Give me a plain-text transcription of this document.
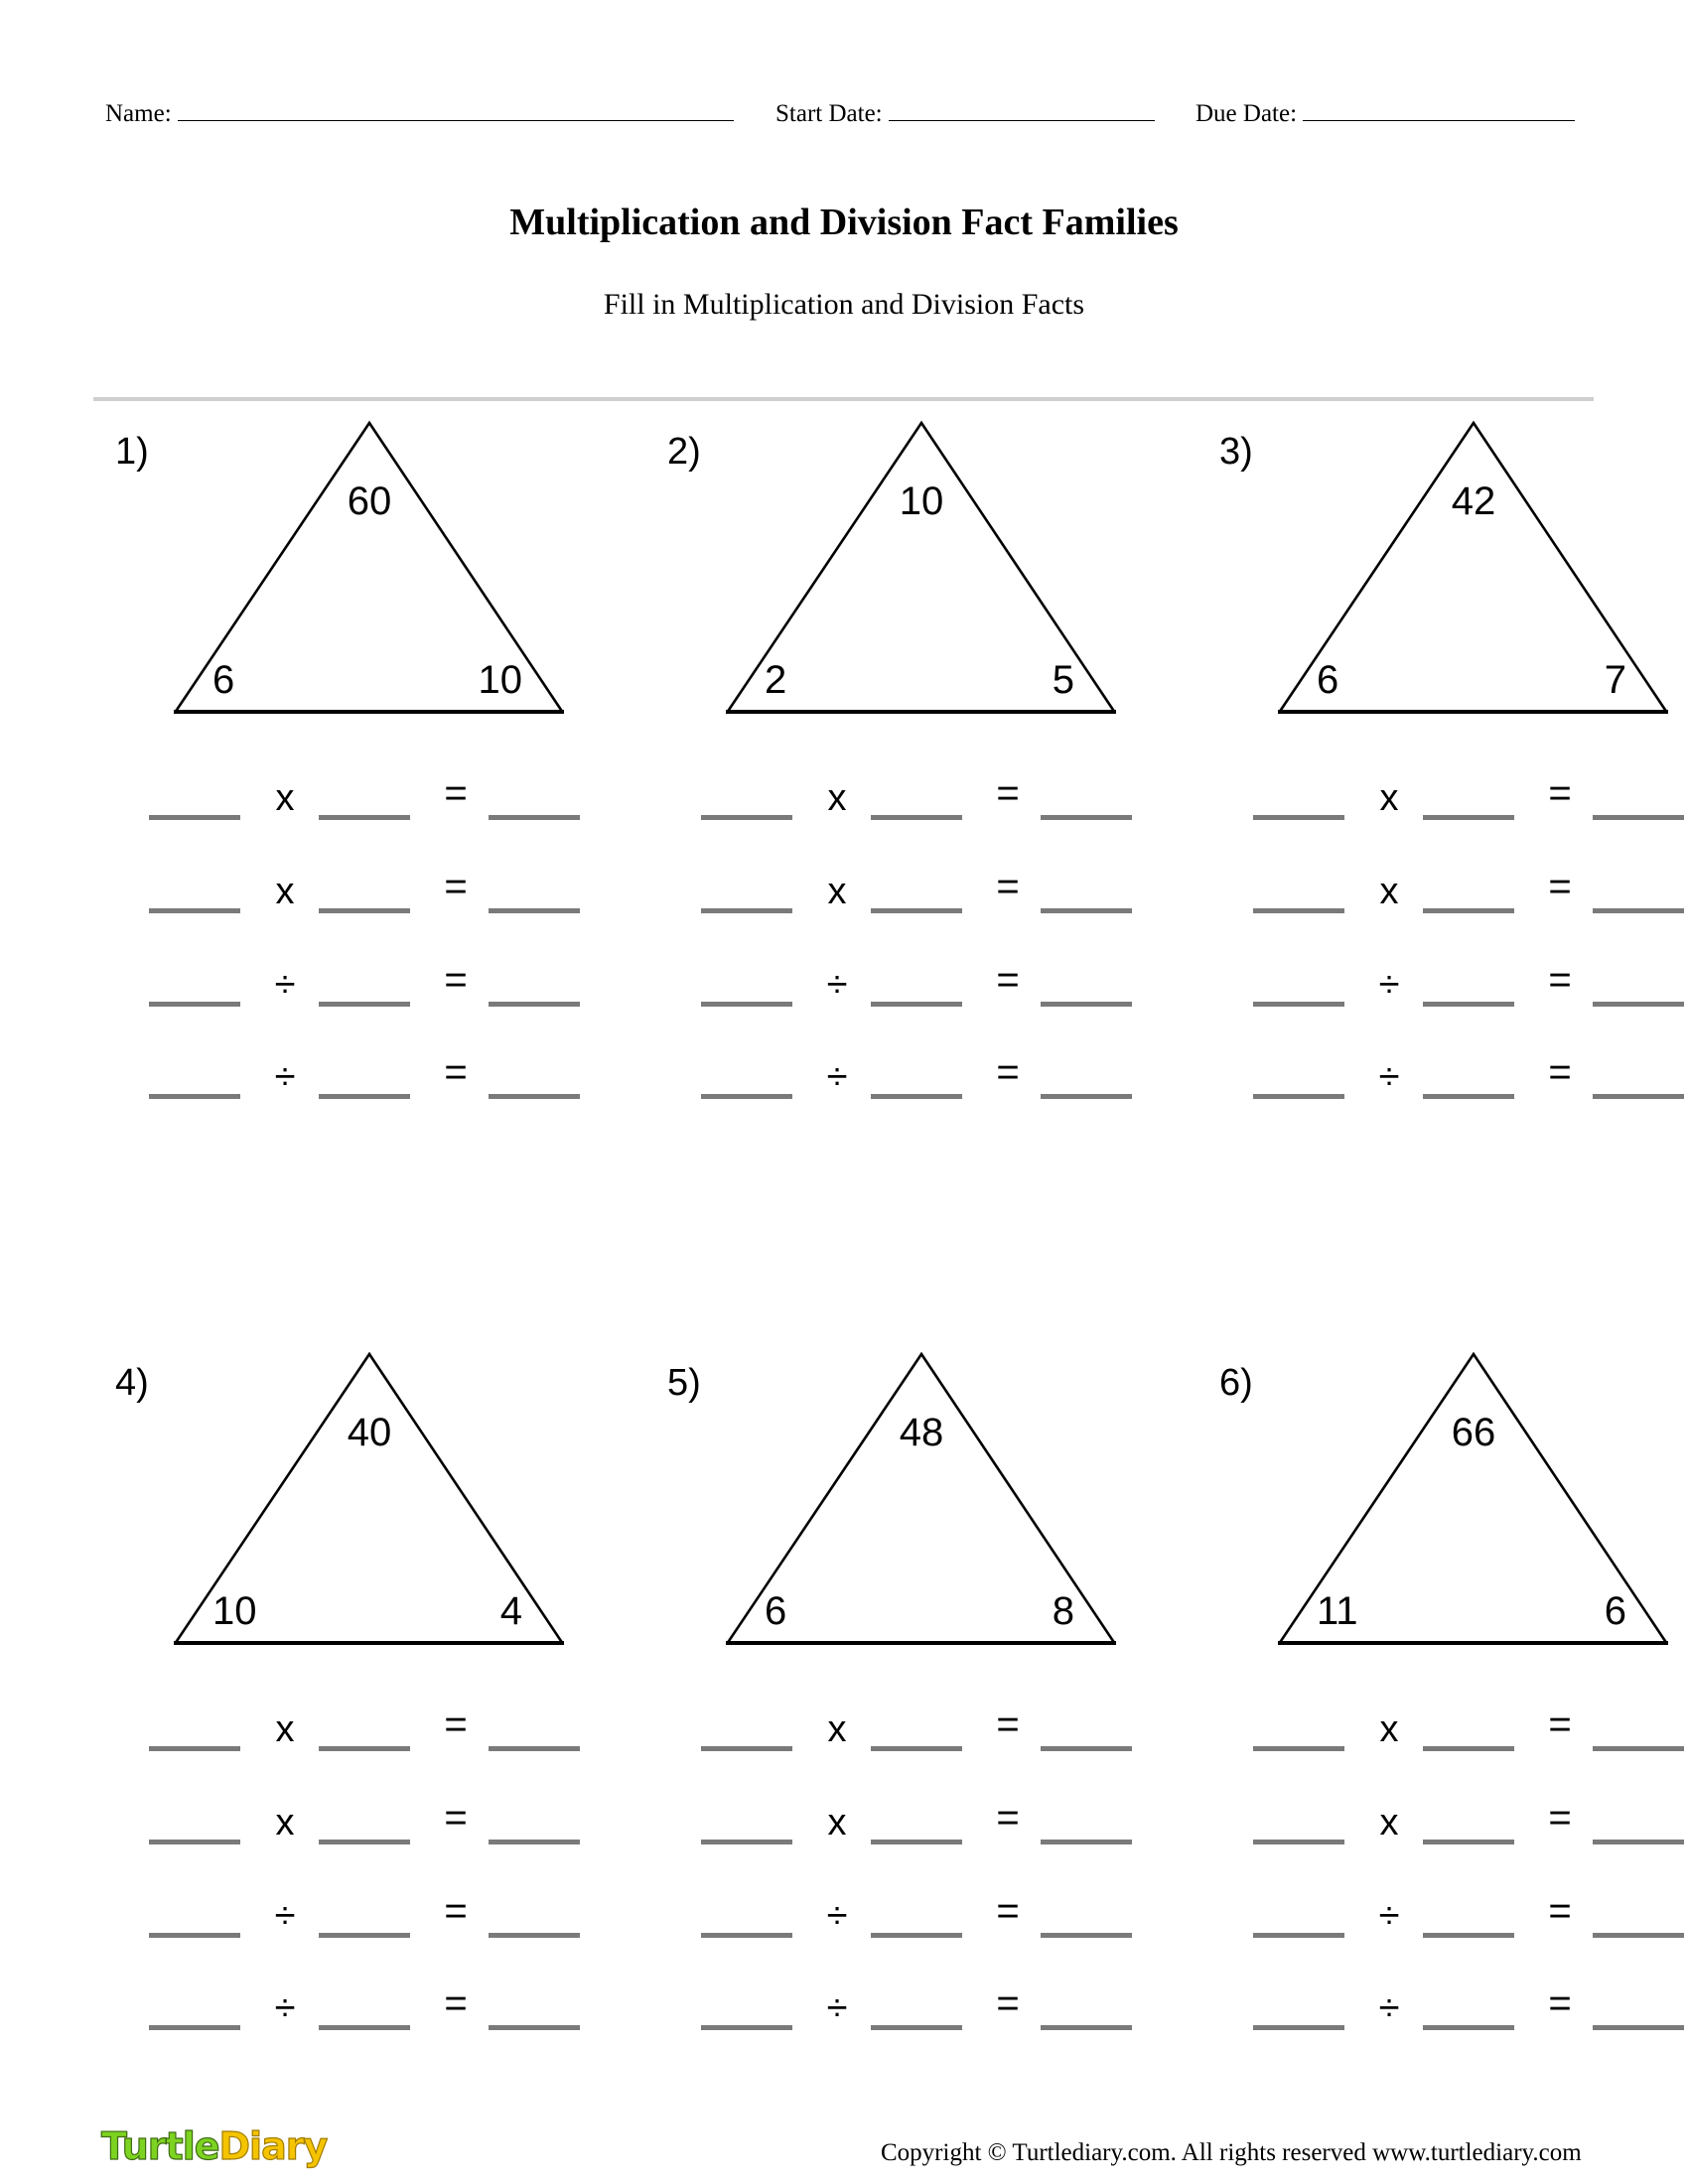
Name:	Start Date:	Due Date:
Multiplication and Division Fact Families
Fill in Multiplication and Division Facts
1)
60
6	10
x	=
x	=
÷	=
÷	=
2)
10
2	5
x	=
x	=
÷	=
÷	=
3)
42
6	7
x	=
x	=
÷	=
÷	=
4)
40
10	4
x	=
x	=
÷	=
÷	=
5)
48
6	8
x	=
x	=
÷	=
÷	=
6)
66
11	6
x	=
x	=
÷	=
÷	=
TurtleDiary	Copyright © Turtlediary.com. All rights reserved www.turtlediary.com
